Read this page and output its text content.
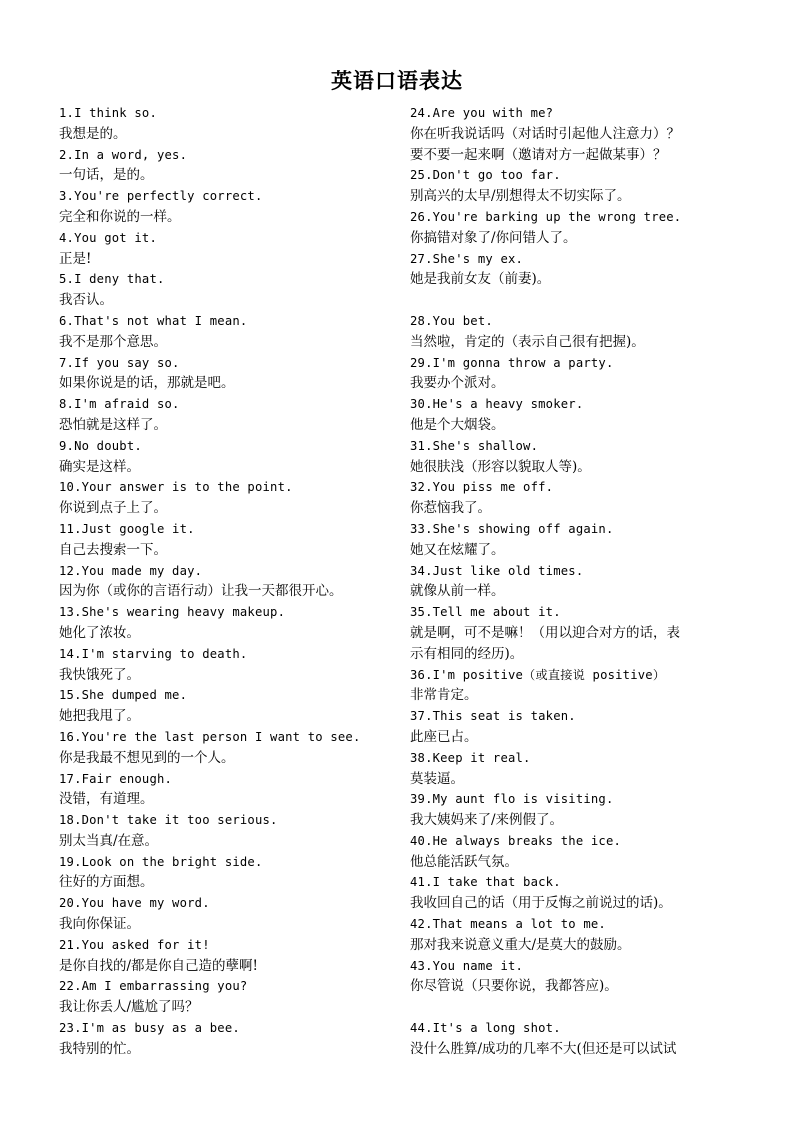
英语口语表达
1.I think so.
我想是的。
2.In a word, yes.
一句话，是的。
3.You're perfectly correct.
完全和你说的一样。
4.You got it.
正是!
5.I deny that.
我否认。
6.That's not what I mean.
我不是那个意思。
7.If you say so.
如果你说是的话，那就是吧。
8.I'm afraid so.
恐怕就是这样了。
9.No doubt.
确实是这样。
10.Your answer is to the point.
你说到点子上了。
11.Just google it.
自己去搜索一下。
12.You made my day.
因为你（或你的言语行动）让我一天都很开心。
13.She's wearing heavy makeup.
她化了浓妆。
14.I'm starving to death.
我快饿死了。
15.She dumped me.
她把我甩了。
16.You're the last person I want to see.
你是我最不想见到的一个人。
17.Fair enough.
没错，有道理。
18.Don't take it too serious.
别太当真/在意。
19.Look on the bright side.
往好的方面想。
20.You have my word.
我向你保证。
21.You asked for it!
是你自找的/都是你自己造的孽啊!
22.Am I embarrassing you?
我让你丢人/尴尬了吗？
23.I'm as busy as a bee.
我特别的忙。
24.Are you with me?
你在听我说话吗（对话时引起他人注意力）？
要不要一起来啊（邀请对方一起做某事）？
25.Don't go too far.
别高兴的太早/别想得太不切实际了。
26.You're barking up the wrong tree.
你搞错对象了/你问错人了。
27.She's my ex.
她是我前女友（前妻)。
28.You bet.
当然啦，肯定的（表示自己很有把握)。
29.I'm gonna throw a party.
我要办个派对。
30.He's a heavy smoker.
他是个大烟袋。
31.She's shallow.
她很肤浅（形容以貌取人等)。
32.You piss me off.
你惹恼我了。
33.She's showing off again.
她又在炫耀了。
34.Just like old times.
就像从前一样。
35.Tell me about it.
就是啊，可不是嘛！（用以迎合对方的话，表
示有相同的经历)。
36.I'm positive（或直接说 positive）
非常肯定。
37.This seat is taken.
此座已占。
38.Keep it real.
莫装逼。
39.My aunt flo is visiting.
我大姨妈来了/来例假了。
40.He always breaks the ice.
他总能活跃气氛。
41.I take that back.
我收回自己的话（用于反悔之前说过的话)。
42.That means a lot to me.
那对我来说意义重大/是莫大的鼓励。
43.You name it.
你尽管说（只要你说，我都答应)。
44.It's a long shot.
没什么胜算/成功的几率不大(但还是可以试试
